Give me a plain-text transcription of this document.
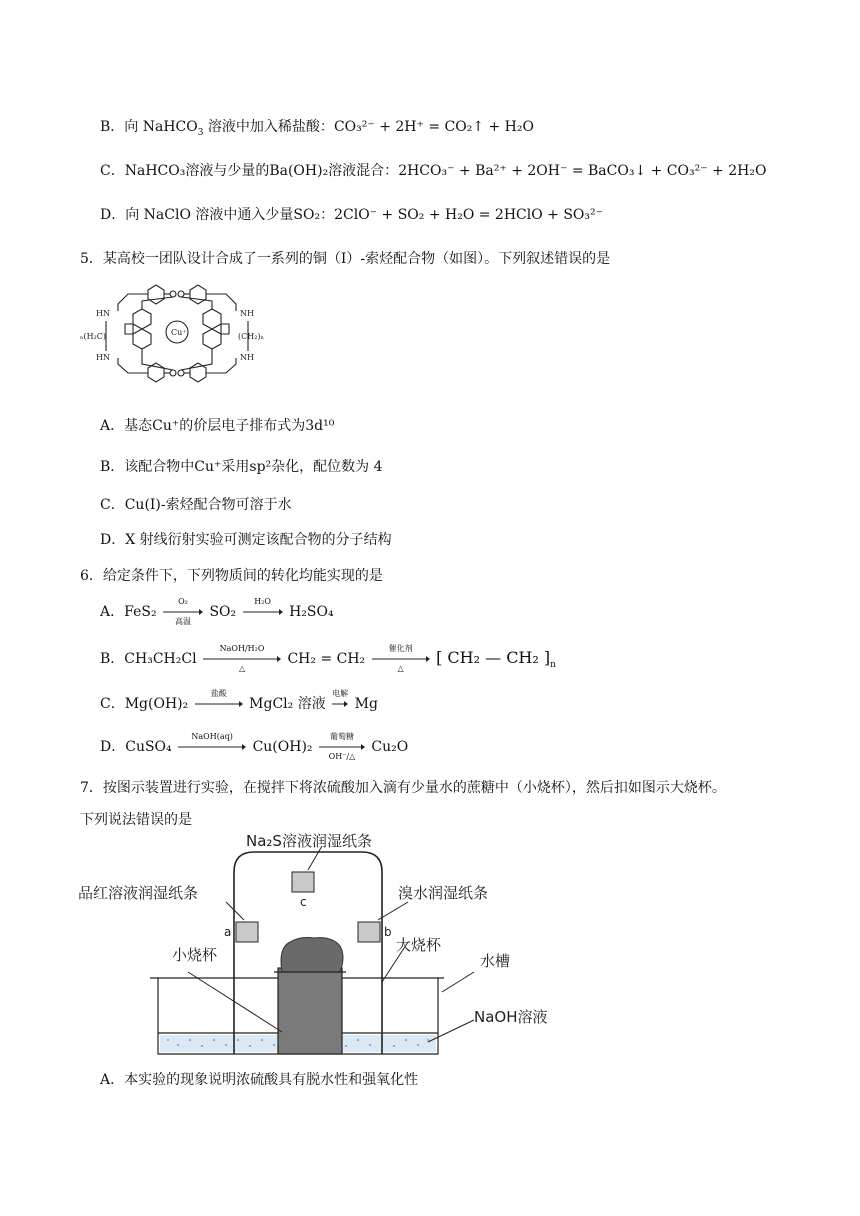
B．向 NaHCO$_3$ 溶液中加入稀盐酸：CO₃²⁻ + 2H⁺ = CO₂↑ + H₂O
C．NaHCO₃溶液与少量的Ba(OH)₂溶液混合：2HCO₃⁻ + Ba²⁺ + 2OH⁻ = BaCO₃↓ + CO₃²⁻ + 2H₂O
D．向 NaClO 溶液中通入少量SO₂：2ClO⁻ + SO₂ + H₂O = 2HClO + SO₃²⁻
5．某高校一团队设计合成了一系列的铜（Ⅰ）-索烃配合物（如图）。下列叙述错误的是
Cu⁺
HN	NH
HN	NH
ₙ(H₂C)	(CH₂)ₙ
A．基态Cu⁺的价层电子排布式为3d¹⁰
B．该配合物中Cu⁺采用sp²杂化，配位数为 4
C．Cu(I)-索烃配合物可溶于水
D．X 射线衍射实验可测定该配合物的分子结构
6．给定条件下，下列物质间的转化均能实现的是
A．FeS₂
O₂
高温
SO₂
H₂O
H₂SO₄
B．CH₃CH₂Cl
NaOH/H₂O
△
CH₂ = CH₂
催化剂
△
[ CH₂ — CH₂ ]$_n$
C．Mg(OH)₂
盐酸
MgCl₂ 溶液
电解
Mg
D．CuSO₄
NaOH(aq)
Cu(OH)₂
葡萄糖
OH⁻/△
Cu₂O
7．按图示装置进行实验，在搅拌下将浓硫酸加入滴有少量水的蔗糖中（小烧杯），然后扣如图示大烧杯。
下列说法错误的是
Na₂S溶液润湿纸条
品红溶液润湿纸条	溴水润湿纸条
小烧杯
大烧杯
水槽
NaOH溶液
a	b
c
A．本实验的现象说明浓硫酸具有脱水性和强氧化性
